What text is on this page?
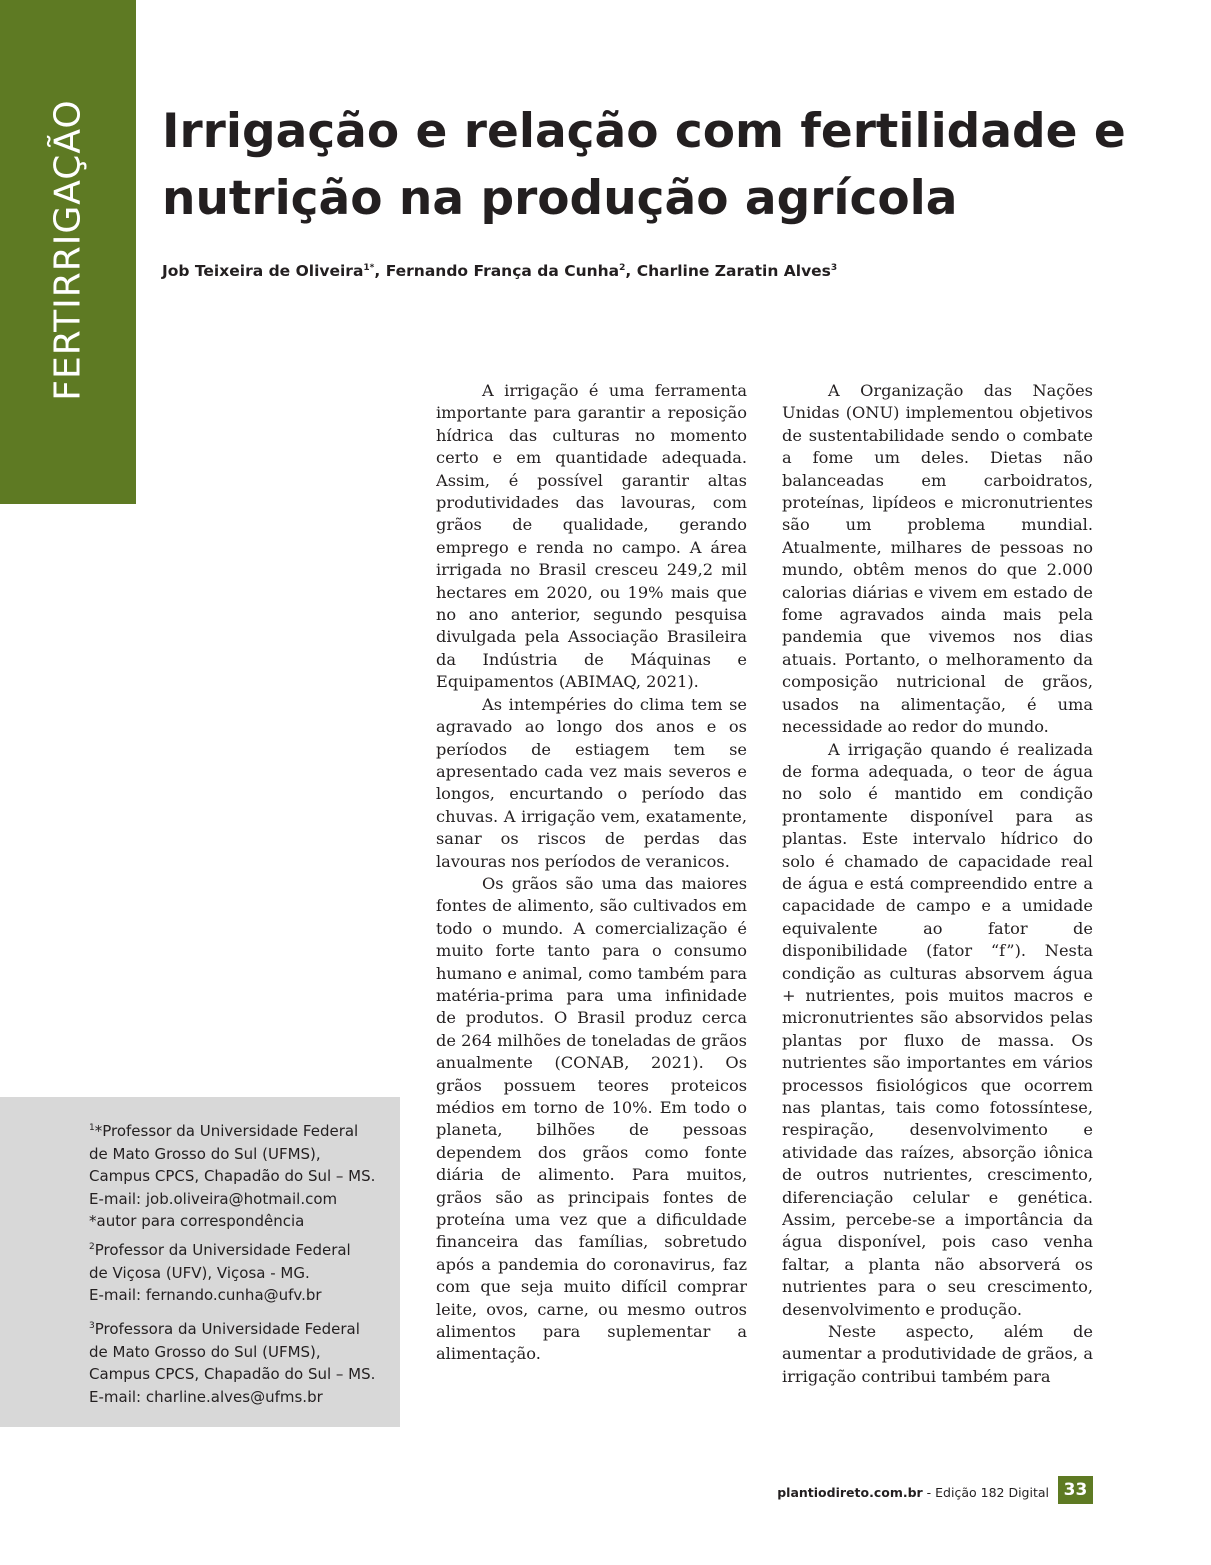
FERTIRRIGAÇÃO Irrigação e relação com fertilidade e nutrição na produção agrícola
Job Teixeira de Oliveira$^{1*}$, Fernando França da Cunha$^2$, Charline Zaratin Alves$^3$

A irrigação é uma ferramenta importante para garantir a reposição hídrica das culturas no momento certo e em quantidade adequada. Assim, é possível garantir altas produtividades das lavouras, com grãos de qualidade, gerando emprego e renda no campo. A área irrigada no Brasil cresceu 249,2 mil hectares em 2020, ou 19% mais que no ano anterior, segundo pesquisa divulgada pela Associação Brasileira da Indústria de Máquinas e Equipamentos (ABIMAQ, 2021).

As intempéries do clima tem se agravado ao longo dos anos e os períodos de estiagem tem se apresentado cada vez mais severos e longos, encurtando o período das chuvas. A irrigação vem, exatamente, sanar os riscos de perdas das lavouras nos períodos de veranicos.

Os grãos são uma das maiores fontes de alimento, são cultivados em todo o mundo. A comercialização é muito forte tanto para o consumo humano e animal, como também para matéria-prima para uma infinidade de produtos. O Brasil produz cerca de 264 milhões de toneladas de grãos anualmente (CONAB, 2021). Os grãos possuem teores proteicos médios em torno de 10%. Em todo o planeta, bilhões de pessoas dependem dos grãos como fonte diária de alimento. Para muitos, grãos são as principais fontes de proteína uma vez que a dificuldade financeira das famílias, sobretudo após a pandemia do coronavirus, faz com que seja muito difícil comprar leite, ovos, carne, ou mesmo outros alimentos para suplementar a alimentação.

A Organização das Nações Unidas (ONU) implementou objetivos de sustentabilidade sendo o combate a fome um deles. Dietas não balanceadas em carboidratos, proteínas, lipídeos e micronutrientes são um problema mundial. Atualmente, milhares de pessoas no mundo, obtêm menos do que 2.000 calorias diárias e vivem em estado de fome agravados ainda mais pela pandemia que vivemos nos dias atuais. Portanto, o melhoramento da composição nutricional de grãos, usados na alimentação, é uma necessidade ao redor do mundo.

A irrigação quando é realizada de forma adequada, o teor de água no solo é mantido em condição prontamente disponível para as plantas. Este intervalo hídrico do solo é chamado de capacidade real de água e está compreendido entre a capacidade de campo e a umidade equivalente ao fator de disponibilidade (fator “f”). Nesta condição as culturas absorvem água + nutrientes, pois muitos macros e micronutrientes são absorvidos pelas plantas por fluxo de massa. Os nutrientes são importantes em vários processos fisiológicos que ocorrem nas plantas, tais como fotossíntese, respiração, desenvolvimento e atividade das raízes, absorção iônica de outros nutrientes, crescimento, diferenciação celular e genética. Assim, percebe-se a importância da água disponível, pois caso venha faltar, a planta não absorverá os nutrientes para o seu crescimento, desenvolvimento e produção.

Neste aspecto, além de aumentar a produtividade de grãos, a irrigação contribui também para

$^1$*Professor da Universidade Federal
de Mato Grosso do Sul (UFMS),
Campus CPCS, Chapadão do Sul – MS.
E-mail: job.oliveira@hotmail.com
*autor para correspondência
$^2$Professor da Universidade Federal
de Viçosa (UFV), Viçosa - MG.
E-mail: fernando.cunha@ufv.br
$^3$Professora da Universidade Federal
de Mato Grosso do Sul (UFMS),
Campus CPCS, Chapadão do Sul – MS.
E-mail: charline.alves@ufms.br
plantiodireto.com.br - Edição 182 Digital 33
